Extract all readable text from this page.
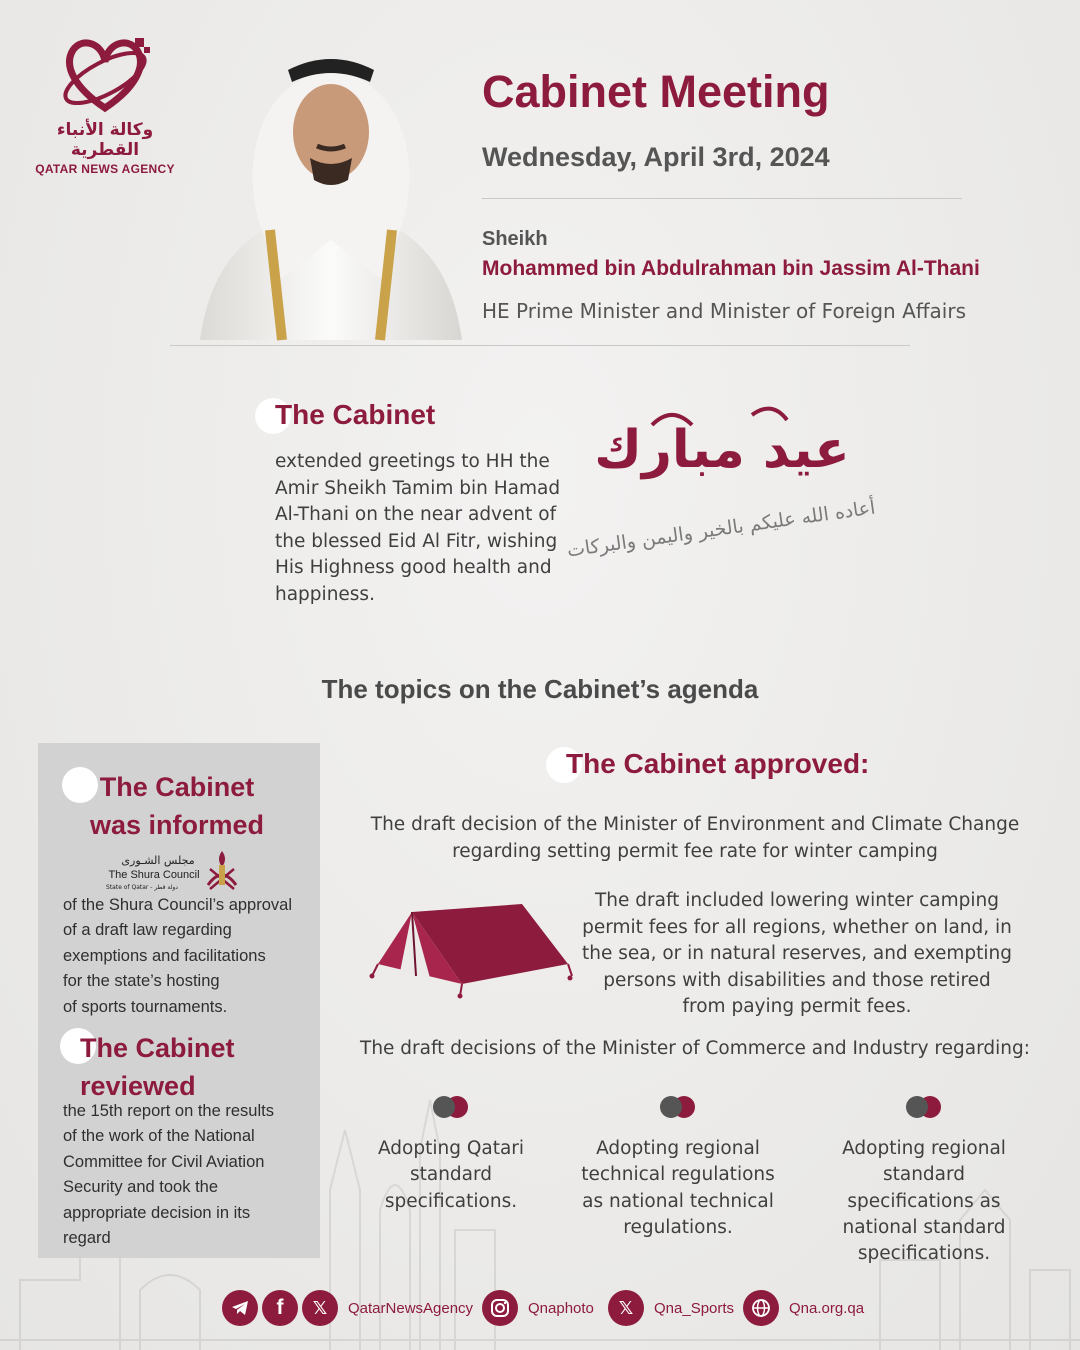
وكالة الأنباء القطرية
QATAR NEWS AGENCY
Cabinet Meeting
Wednesday, April 3rd, 2024
Sheikh
Mohammed bin Abdulrahman bin Jassim Al-Thani
HE Prime Minister and Minister of Foreign Affairs
The Cabinet
extended greetings to HH the Amir Sheikh Tamim bin Hamad Al-Thani on the near advent of the blessed Eid Al Fitr, wishing His Highness good health and happiness.
عيد مبارك
أعاده الله عليكم بالخير واليمن والبركات
The topics on the Cabinet’s agenda
The Cabinet
was informed
مجلس الشـورى
The Shura Council
State of Qatar - دولة قطر
of the Shura Council’s approval
of a draft law regarding
exemptions and facilitations
for the state’s hosting
of sports tournaments.
The Cabinet
reviewed
the 15th report on the results
of the work of the National
Committee for Civil Aviation
Security and took the
appropriate decision in its
regard
The Cabinet approved:
The draft decision of the Minister of Environment and Climate Change
regarding setting permit fee rate for winter camping
The draft included lowering winter camping
permit fees for all regions, whether on land, in
the sea, or in natural reserves, and exempting
persons with disabilities and those retired
from paying permit fees.
The draft decisions of the Minister of Commerce and Industry regarding:
Adopting Qatari
standard
specifications.
Adopting regional
technical regulations
as national technical
regulations.
Adopting regional
standard
specifications as
national standard
specifications.
f 𝕏 QatarNewsAgency	Qnaphoto 𝕏 Qna_Sports	Qna.org.qa
